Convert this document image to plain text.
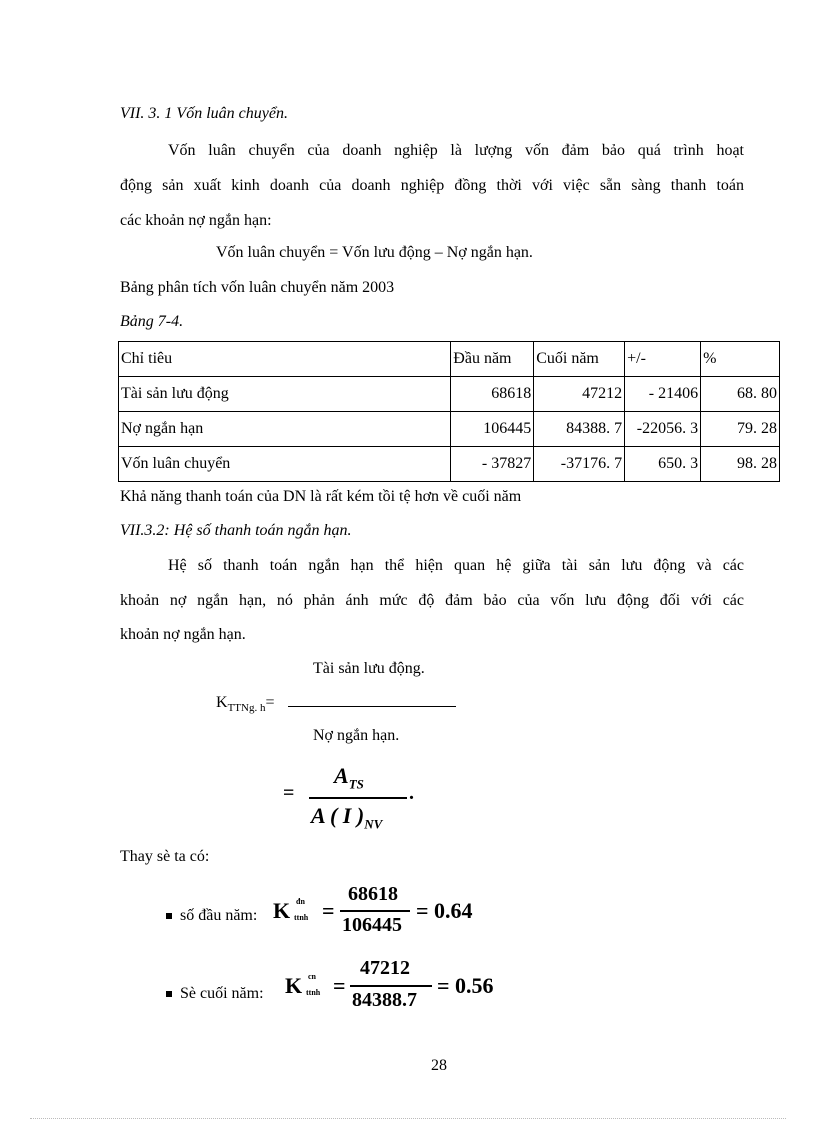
VII. 3. 1 Vốn luân chuyển.
Vốn luân chuyển của doanh nghiệp là lượng vốn đảm bảo quá trình hoạt
động sản xuất kinh doanh của doanh nghiệp đồng thời với việc sẵn sàng thanh toán
các khoản nợ ngắn hạn:
Vốn luân chuyển = Vốn lưu động – Nợ ngắn hạn.
Bảng phân tích vốn luân chuyển năm 2003
Bảng 7-4.
Chỉ tiêu	Đầu năm	Cuối năm	+/-	%
Tài sản lưu động	68618	47212	- 21406	68. 80
Nợ ngắn hạn	106445	84388. 7	-22056. 3	79. 28
Vốn luân chuyển	- 37827	-37176. 7	650. 3	98. 28
Khả năng thanh toán của DN là rất kém tồi tệ hơn về cuối năm
VII.3.2: Hệ số thanh toán ngắn hạn.
Hệ số thanh toán ngắn hạn thể hiện quan hệ giữa tài sản lưu động và các
khoản nợ ngắn hạn, nó phản ánh mức độ đảm bảo của vốn lưu động đối với các
khoản nợ ngắn hạn.
Tài sản lưu động.
$K_{TTNg. h}=$
Nợ ngắn hạn.
=
$A_{TS}$ .
A ( I )$_{NV}$
Thay sè ta có:
số đầu năm: K đn
ttnh =
68618
106445
= 0.64
Sè cuối năm: K cn
ttnh =
47212
84388.7
= 0.56
28
